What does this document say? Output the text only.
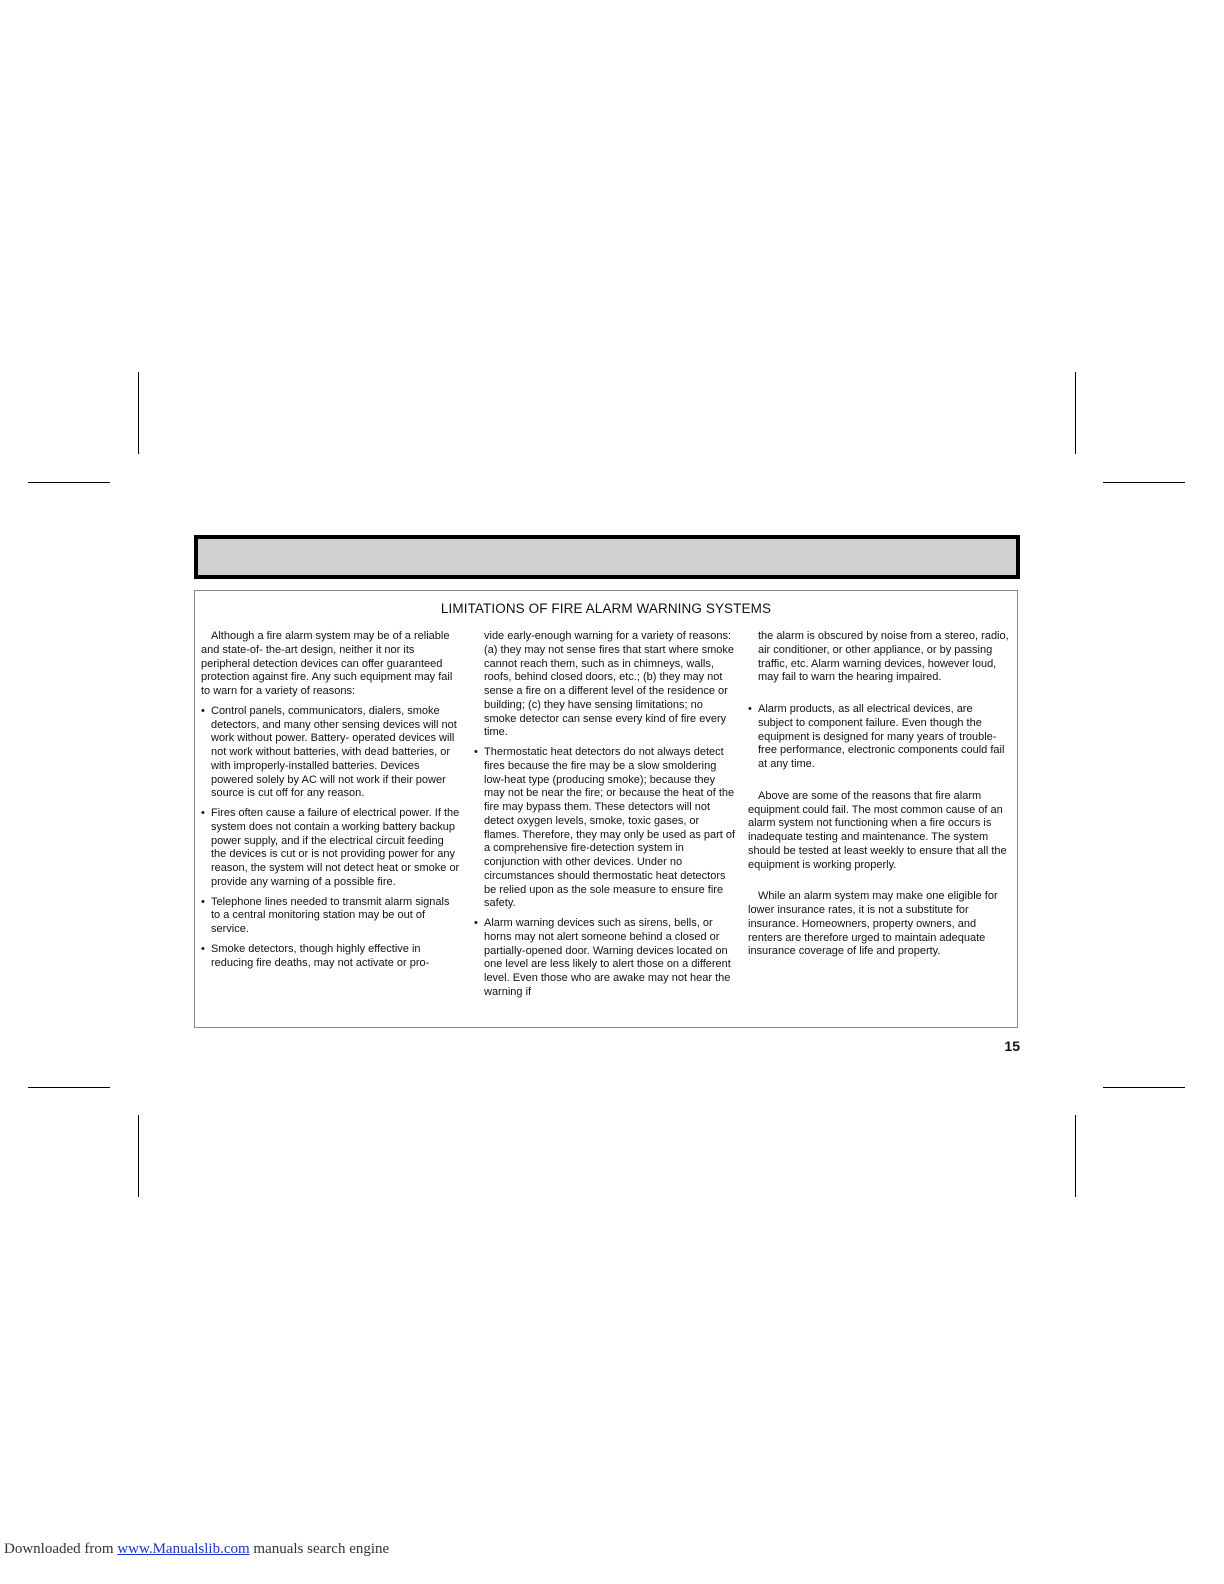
LIMITATIONS OF FIRE ALARM WARNING SYSTEMS

Although a fire alarm system may be of a reliable and state-of- the-art design, neither it nor its peripheral detection devices can offer guaranteed protection against fire. Any such equipment may fail to warn for a variety of reasons:

• Control panels, communicators, dialers, smoke detectors, and many other sensing devices will not work without power. Battery- operated devices will not work without batteries, with dead batteries, or with improperly-installed batteries. Devices powered solely by AC will not work if their power source is cut off for any reason.
• Fires often cause a failure of electrical power. If the system does not contain a working battery backup power supply, and if the electrical circuit feeding the devices is cut or is not providing power for any reason, the system will not detect heat or smoke or provide any warning of a possible fire.
• Telephone lines needed to transmit alarm signals to a central monitoring station may be out of service.
• Smoke detectors, though highly effective in reducing fire deaths, may not activate or pro-
vide early-enough warning for a variety of reasons: (a) they may not sense fires that start where smoke cannot reach them, such as in chimneys, walls, roofs, behind closed doors, etc.; (b) they may not sense a fire on a different level of the residence or building; (c) they have sensing limitations; no smoke detector can sense every kind of fire every time.
• Thermostatic heat detectors do not always detect fires because the fire may be a slow smoldering low-heat type (producing smoke); because they may not be near the fire; or because the heat of the fire may bypass them. These detectors will not detect oxygen levels, smoke, toxic gases, or flames. Therefore, they may only be used as part of a comprehensive fire-detection system in conjunction with other devices. Under no circumstances should thermostatic heat detectors be relied upon as the sole measure to ensure fire safety.
• Alarm warning devices such as sirens, bells, or horns may not alert someone behind a closed or partially-opened door. Warning devices located on one level are less likely to alert those on a different level. Even those who are awake may not hear the warning if
the alarm is obscured by noise from a stereo, radio, air conditioner, or other appliance, or by passing traffic, etc. Alarm warning devices, however loud, may fail to warn the hearing impaired.
• Alarm products, as all electrical devices, are subject to component failure. Even though the equipment is designed for many years of trouble-free performance, electronic components could fail at any time.

Above are some of the reasons that fire alarm equipment could fail. The most common cause of an alarm system not functioning when a fire occurs is inadequate testing and maintenance. The system should be tested at least weekly to ensure that all the equipment is working properly.

While an alarm system may make one eligible for lower insurance rates, it is not a substitute for insurance. Homeowners, property owners, and renters are therefore urged to maintain adequate insurance coverage of life and property.

15

Downloaded from www.Manualslib.com manuals search engine
